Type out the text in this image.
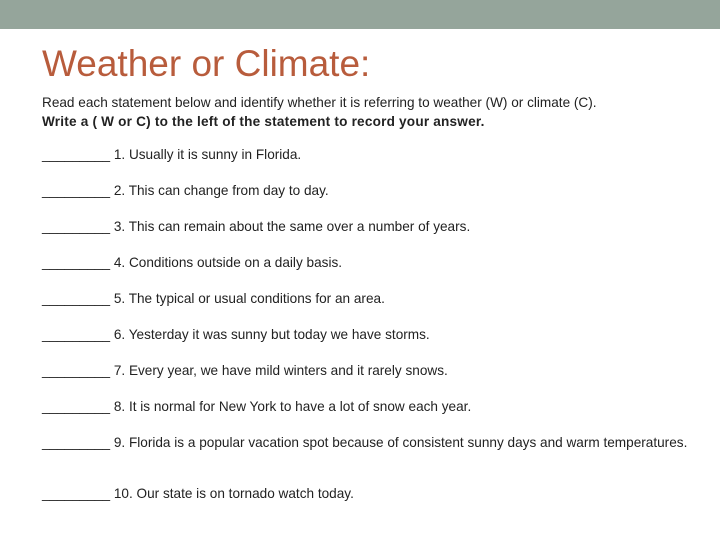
Weather or Climate:
Read each statement below and identify whether it is referring to weather (W) or climate (C).
Write a ( W or C) to the left of the statement to record your answer.
_________ 1. Usually it is sunny in Florida.
_________ 2. This can change from day to day.
_________ 3. This can remain about the same over a number of years.
_________ 4. Conditions outside on a daily basis.
_________ 5. The typical or usual conditions for an area.
_________ 6. Yesterday it was sunny but today we have storms.
_________ 7. Every year, we have mild winters and it rarely snows.
_________ 8. It is normal for New York to have a lot of snow each year.
_________ 9. Florida is a popular vacation spot because of consistent sunny days and warm temperatures.
_________ 10. Our state is on tornado watch today.
